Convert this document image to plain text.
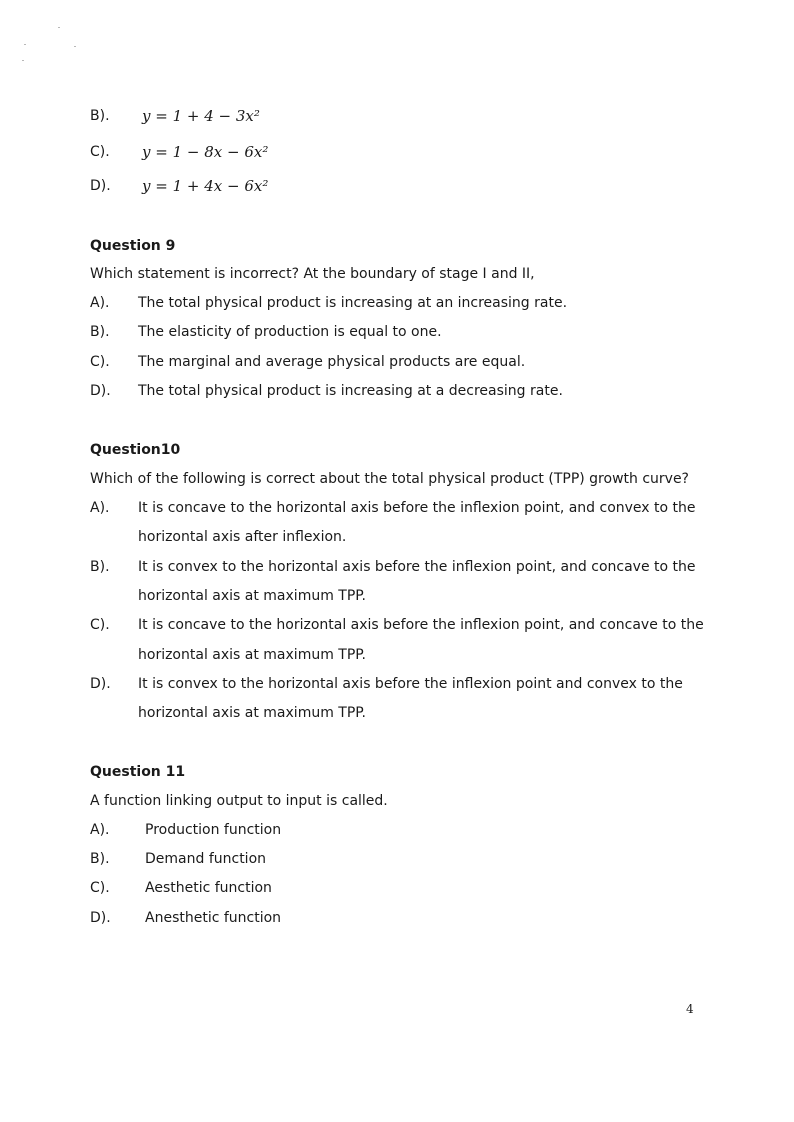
B). y = 1 + 4 − 3x²
C). y = 1 − 8x − 6x²
D). y = 1 + 4x − 6x²
Question 9
Which statement is incorrect? At the boundary of stage I and II,
A). The total physical product is increasing at an increasing rate.
B). The elasticity of production is equal to one.
C). The marginal and average physical products are equal.
D). The total physical product is increasing at a decreasing rate.
Question10
Which of the following is correct about the total physical product (TPP) growth curve?
A). It is concave to the horizontal axis before the inflexion point, and convex to the
horizontal axis after inflexion.
B). It is convex to the horizontal axis before the inflexion point, and concave to the
horizontal axis at maximum TPP.
C). It is concave to the horizontal axis before the inflexion point, and concave to the
horizontal axis at maximum TPP.
D). It is convex to the horizontal axis before the inflexion point and convex to the
horizontal axis at maximum TPP.
Question 11
A function linking output to input is called.
A).	Production function
B).	Demand function
C).	Aesthetic function
D). Anesthetic function
4
